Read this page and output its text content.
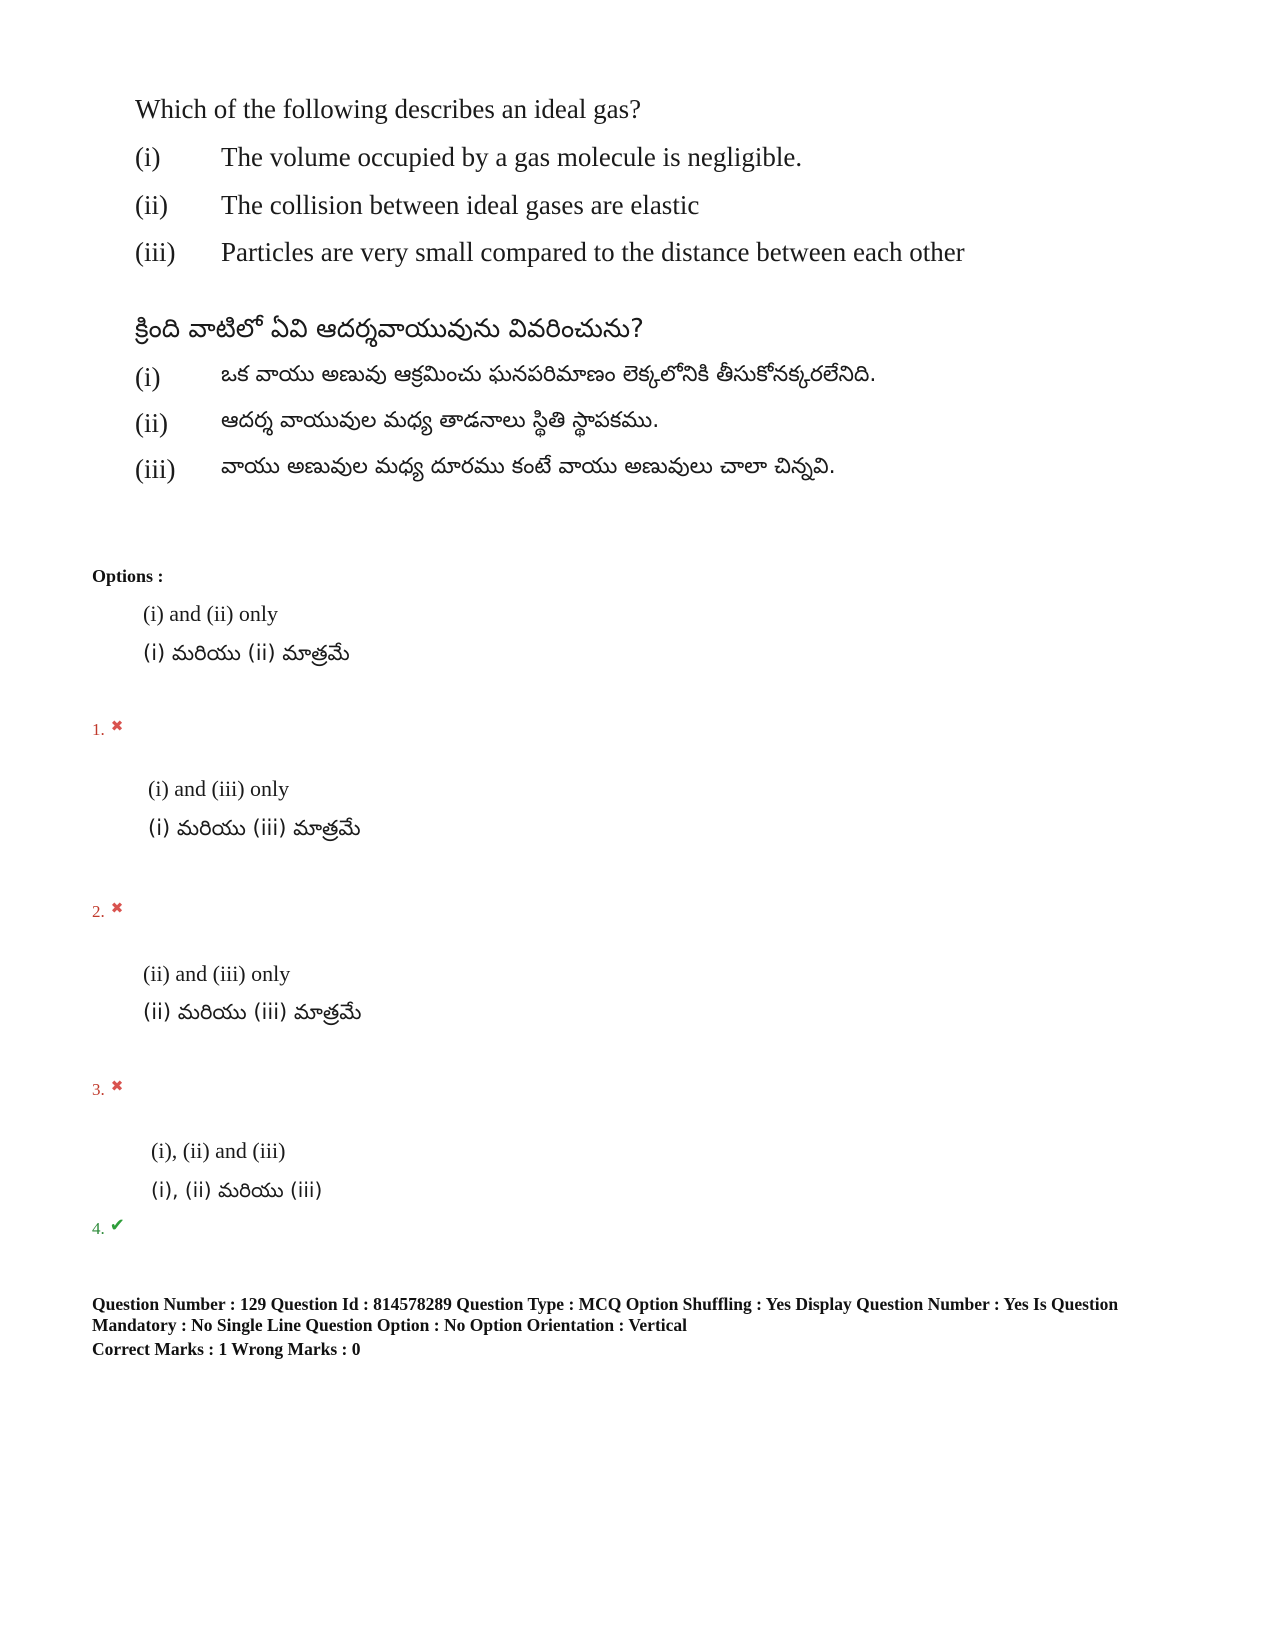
Which of the following describes an ideal gas?
(i) The volume occupied by a gas molecule is negligible.
(ii) The collision between ideal gases are elastic
(iii) Particles are very small compared to the distance between each other
క్రింది వాటిలో ఏవి ఆదర్శవాయువును వివరించును?
(i)	ఒక వాయు అణువు ఆక్రమించు ఘనపరిమాణం లెక్కలోనికి తీసుకోనక్కరలేనిది.
(ii) ఆదర్శ వాయువుల మధ్య తాడనాలు స్థితి స్థాపకము.
(iii) వాయు అణువుల మధ్య దూరము కంటే వాయు అణువులు చాలా చిన్నవి.
Options :
(i) and (ii) only
(i) మరియు (ii) మాత్రమే
1. ✖
(i) and (iii) only
(i) మరియు (iii) మాత్రమే
2. ✖
(ii) and (iii) only
(ii) మరియు (iii) మాత్రమే
3. ✖
(i), (ii) and (iii)
(i), (ii) మరియు (iii)
4. ✔
Question Number : 129 Question Id : 814578289 Question Type : MCQ Option Shuffling : Yes Display Question Number : Yes Is Question
Mandatory : No Single Line Question Option : No Option Orientation : Vertical
Correct Marks : 1 Wrong Marks : 0
